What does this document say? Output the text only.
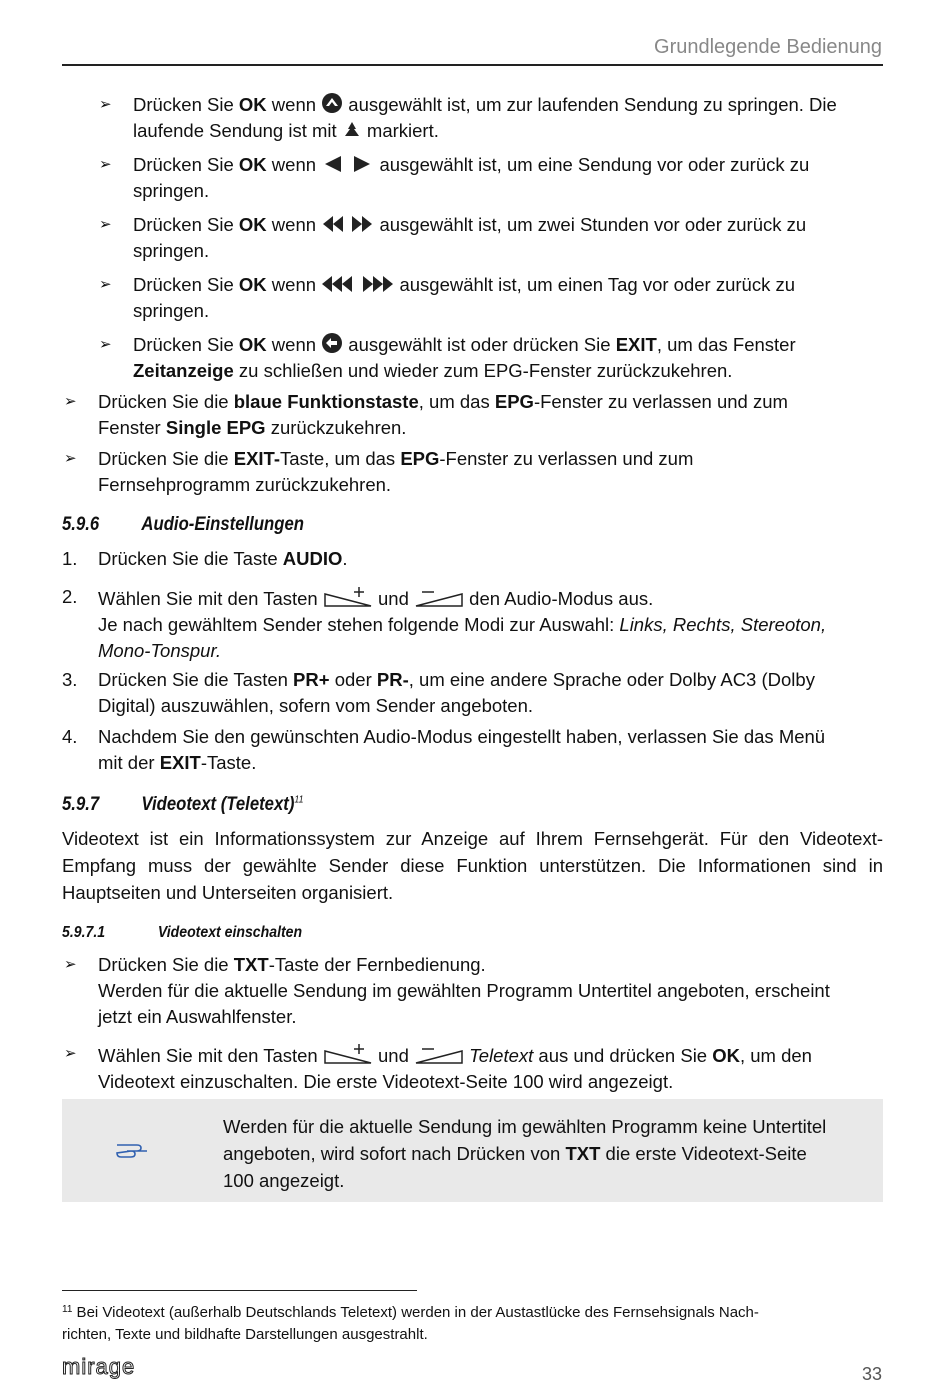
Grundlegende Bedienung
➢ Drücken Sie OK wenn  ausgewählt ist, um zur laufenden Sendung zu springen. Die
laufende Sendung ist mit  markiert.
➢ Drücken Sie OK wenn	ausgewählt ist, um eine Sendung vor oder zurück zu
springen.
➢ Drücken Sie OK wenn	ausgewählt ist, um zwei Stunden vor oder zurück zu
springen.
➢ Drücken Sie OK wenn	ausgewählt ist, um einen Tag vor oder zurück zu
springen.
➢ Drücken Sie OK wenn  ausgewählt ist oder drücken Sie EXIT, um das Fenster
Zeitanzeige zu schließen und wieder zum EPG-Fenster zurückzukehren.
➢ Drücken Sie die blaue Funktionstaste, um das EPG-Fenster zu verlassen und zum
Fenster Single EPG zurückzukehren.
➢ Drücken Sie die EXIT-Taste, um das EPG-Fenster zu verlassen und zum
Fernsehprogramm zurückzukehren.
5.9.6 Audio-Einstellungen
1. Drücken Sie die Taste AUDIO.
2. Wählen Sie mit den Tasten	und	den Audio-Modus aus.
Je nach gewähltem Sender stehen folgende Modi zur Auswahl: Links, Rechts, Stereoton,
Mono-Tonspur.
3. Drücken Sie die Tasten PR+ oder PR-, um eine andere Sprache oder Dolby AC3 (Dolby
Digital) auszuwählen, sofern vom Sender angeboten.
4. Nachdem Sie den gewünschten Audio-Modus eingestellt haben, verlassen Sie das Menü
mit der EXIT-Taste.
5.9.7 Videotext (Teletext)$^{11}$
Videotext ist ein Informationssystem zur Anzeige auf Ihrem Fernsehgerät. Für den Videotext-Empfang muss der gewählte Sender diese Funktion unterstützen. Die Informationen sind in Hauptseiten und Unterseiten organisiert.
5.9.7.1	Videotext einschalten
➢ Drücken Sie die TXT-Taste der Fernbedienung.
Werden für die aktuelle Sendung im gewählten Programm Untertitel angeboten, erscheint
jetzt ein Auswahlfenster.
➢ Wählen Sie mit den Tasten	und	Teletext aus und drücken Sie OK, um den
Videotext einzuschalten. Die erste Videotext-Seite 100 wird angezeigt.
Werden für die aktuelle Sendung im gewählten Programm keine Untertitel
angeboten, wird sofort nach Drücken von TXT die erste Videotext-Seite
100 angezeigt.
$^{11}$ Bei Videotext (außerhalb Deutschlands Teletext) werden in der Austastlücke des Fernsehsignals Nach-
richten, Texte und bildhafte Darstellungen ausgestrahlt.
mirage	33
